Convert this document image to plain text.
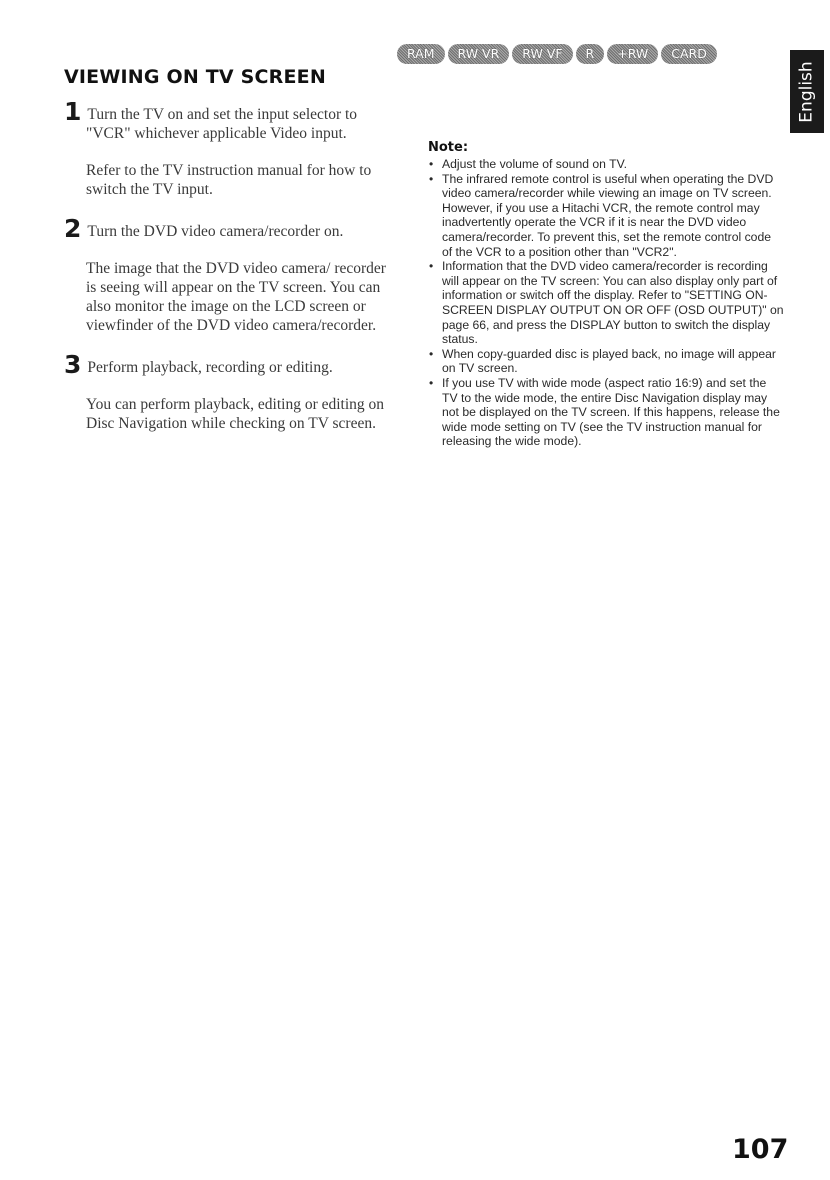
VIEWING ON TV SCREEN
RAM	RW VR	RW VF	R	+RW	CARD
English
1 Turn the TV on and set the input selector to
"VCR" whichever applicable Video input.

Refer to the TV instruction manual for how to switch the TV input.

2 Turn the DVD video camera/recorder on.

The image that the DVD video camera/ recorder is seeing will appear on the TV screen. You can also monitor the image on the LCD screen or viewfinder of the DVD video camera/recorder.

3 Perform playback, recording or editing.

You can perform playback, editing or editing on Disc Navigation while checking on TV screen.

Note:
• Adjust the volume of sound on TV.
• The infrared remote control is useful when operating the DVD video camera/recorder while viewing an image on TV screen. However, if you use a Hitachi VCR, the remote control may inadvertently operate the VCR if it is near the DVD video camera/recorder. To prevent this, set the remote control code of the VCR to a position other than "VCR2".
• Information that the DVD video camera/recorder is recording will appear on the TV screen: You can also display only part of information or switch off the display. Refer to "SETTING ON-SCREEN DISPLAY OUTPUT ON OR OFF (OSD OUTPUT)" on page 66, and press the DISPLAY button to switch the display status.
• When copy-guarded disc is played back, no image will appear on TV screen.
• If you use TV with wide mode (aspect ratio 16:9) and set the TV to the wide mode, the entire Disc Navigation display may not be displayed on the TV screen. If this happens, release the wide mode setting on TV (see the TV instruction manual for releasing the wide mode).
107
